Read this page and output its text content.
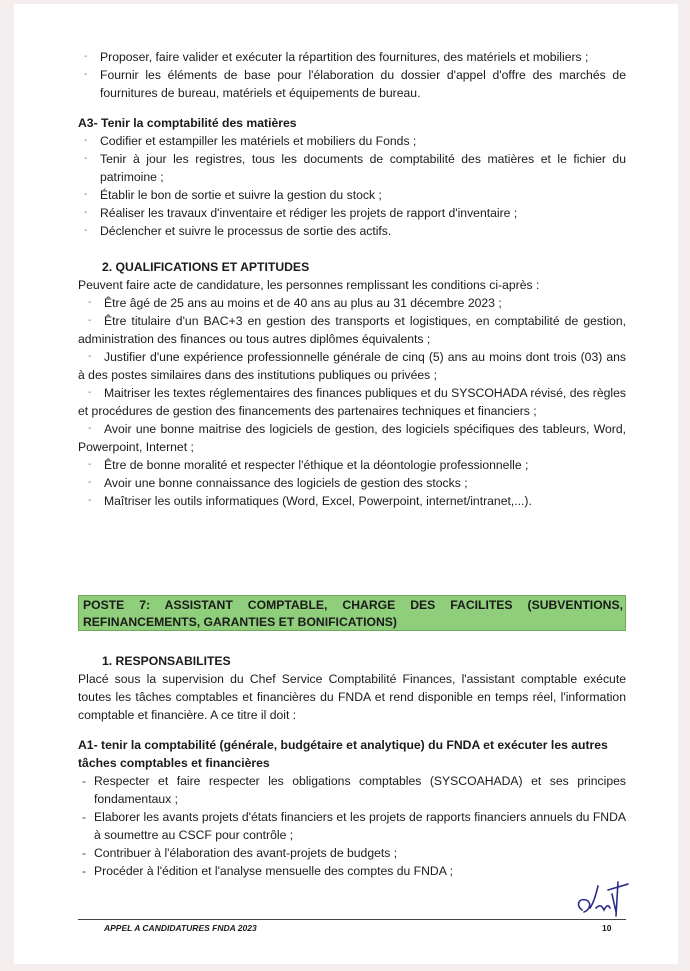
- Proposer, faire valider et exécuter la répartition des fournitures, des matériels et mobiliers ;
- Fournir les éléments de base pour l'élaboration du dossier d'appel d'offre des marchés de fournitures de bureau, matériels et équipements de bureau.
A3- Tenir la comptabilité des matières
- Codifier et estampiller les matériels et mobiliers du Fonds ;
- Tenir à jour les registres, tous les documents de comptabilité des matières et le fichier du patrimoine ;
- Établir le bon de sortie et suivre la gestion du stock ;
- Réaliser les travaux d'inventaire et rédiger les projets de rapport d'inventaire ;
- Déclencher et suivre le processus de sortie des actifs.
2. QUALIFICATIONS ET APTITUDES
Peuvent faire acte de candidature, les personnes remplissant les conditions ci-après :
- Être âgé de 25 ans au moins et de 40 ans au plus au 31 décembre 2023 ;
- Être titulaire d'un BAC+3 en gestion des transports et logistiques, en comptabilité de gestion, administration des finances ou tous autres diplômes équivalents ;
- Justifier d'une expérience professionnelle générale de cinq (5) ans au moins dont trois (03) ans à des postes similaires dans des institutions publiques ou privées ;
- Maitriser les textes réglementaires des finances publiques et du SYSCOHADA révisé, des règles et procédures de gestion des financements des partenaires techniques et financiers ;
- Avoir une bonne maitrise des logiciels de gestion, des logiciels spécifiques des tableurs, Word, Powerpoint, Internet ;
- Être de bonne moralité et respecter l'éthique et la déontologie professionnelle ;
- Avoir une bonne connaissance des logiciels de gestion des stocks ;
- Maîtriser les outils informatiques (Word, Excel, Powerpoint, internet/intranet,...).
POSTE 7: ASSISTANT COMPTABLE, CHARGE DES FACILITES (SUBVENTIONS, REFINANCEMENTS, GARANTIES ET BONIFICATIONS)
1. RESPONSABILITES
Placé sous la supervision du Chef Service Comptabilité Finances, l'assistant comptable exécute toutes les tâches comptables et financières du FNDA et rend disponible en temps réel, l'information comptable et financière. A ce titre il doit :
A1- tenir la comptabilité (générale, budgétaire et analytique) du FNDA et exécuter les autres tâches comptables et financières
- Respecter et faire respecter les obligations comptables (SYSCOAHADA) et ses principes fondamentaux ;
- Elaborer les avants projets d'états financiers et les projets de rapports financiers annuels du FNDA à soumettre au CSCF pour contrôle ;
- Contribuer à l'élaboration des avant-projets de budgets ;
- Procéder à l'édition et l'analyse mensuelle des comptes du FNDA ;
APPEL A CANDIDATURES FNDA 2023	10
